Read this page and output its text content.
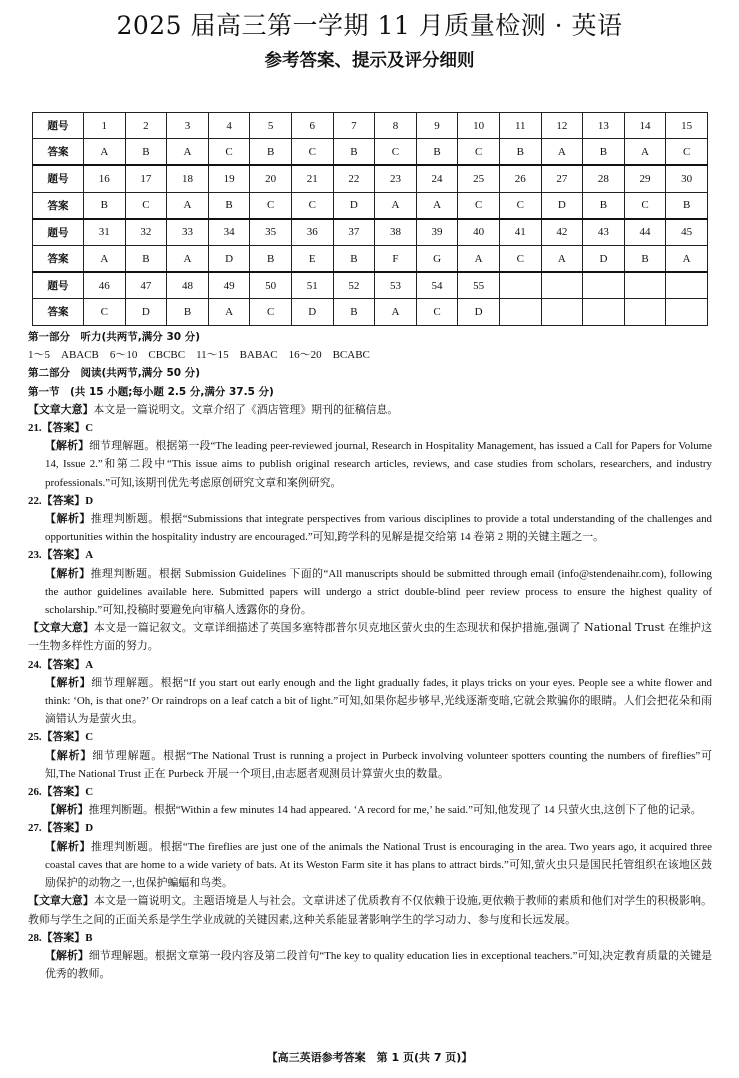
2025 届高三第一学期 11 月质量检测 · 英语
参考答案、提示及评分细则
题号	1	2	3	4	5	6	7	8	9	10	11	12	13	14	15
答案	A	B	A	C	B	C	B	C	B	C	B	A	B	A	C
题号	16	17	18	19	20	21	22	23	24	25	26	27	28	29	30
答案	B	C	A	B	C	C	D	A	A	C	C	D	B	C	B
题号	31	32	33	34	35	36	37	38	39	40	41	42	43	44	45
答案	A	B	A	D	B	E	B	F	G	A	C	A	D	B	A
题号	46	47	48	49	50	51	52	53	54	55					
答案	C	D	B	A	C	D	B	A	C	D					

第一部分　听力(共两节,满分 30 分)

1～5　ABACB　6～10　CBCBC　11～15　BABAC　16～20　BCABC

第二部分　阅读(共两节,满分 50 分)

第一节　(共 15 小题;每小题 2.5 分,满分 37.5 分)

【文章大意】本文是一篇说明文。文章介绍了《酒店管理》期刊的征稿信息。

21.【答案】C

【解析】细节理解题。根据第一段“The leading peer-reviewed journal, Research in Hospitality Management, has issued a Call for Papers for Volume 14, Issue 2.”和第二段中“This issue aims to publish original research articles, reviews, and case studies from scholars, researchers, and industry professionals.”可知,该期刊优先考虑原创研究文章和案例研究。

22.【答案】D

【解析】推理判断题。根据“Submissions that integrate perspectives from various disciplines to provide a total understanding of the challenges and opportunities within the hospitality industry are encouraged.”可知,跨学科的见解是提交给第 14 卷第 2 期的关键主题之一。

23.【答案】A

【解析】推理判断题。根据 Submission Guidelines 下面的“All manuscripts should be submitted through email (info@stendenaihr.com), following the author guidelines available here. Submitted papers will undergo a strict double-blind peer review process to ensure the highest quality of scholarship.”可知,投稿时要避免向审稿人透露你的身份。

【文章大意】本文是一篇记叙文。文章详细描述了英国多塞特郡普尔贝克地区萤火虫的生态现状和保护措施,强调了 National Trust 在维护这一生物多样性方面的努力。

24.【答案】A

【解析】细节理解题。根据“If you start out early enough and the light gradually fades, it plays tricks on your eyes. People see a white flower and think: ‘Oh, is that one?’ Or raindrops on a leaf catch a bit of light.”可知,如果你起步够早,光线逐渐变暗,它就会欺骗你的眼睛。人们会把花朵和雨滴错认为是萤火虫。

25.【答案】C

【解析】细节理解题。根据“The National Trust is running a project in Purbeck involving volunteer spotters counting the numbers of fireflies”可知,The National Trust 正在 Purbeck 开展一个项目,由志愿者观测员计算萤火虫的数量。

26.【答案】C

【解析】推理判断题。根据“Within a few minutes 14 had appeared. ‘A record for me,’ he said.”可知,他发现了 14 只萤火虫,这创下了他的记录。

27.【答案】D

【解析】推理判断题。根据“The fireflies are just one of the animals the National Trust is encouraging in the area. Two years ago, it acquired three coastal caves that are home to a wide variety of bats. At its Weston Farm site it has plans to attract birds.”可知,萤火虫只是国民托管组织在该地区鼓励保护的动物之一,也保护蝙蝠和鸟类。

【文章大意】本文是一篇说明文。主题语境是人与社会。文章讲述了优质教育不仅依赖于设施,更依赖于教师的素质和他们对学生的积极影响。教师与学生之间的正面关系是学生学业成就的关键因素,这种关系能显著影响学生的学习动力、参与度和长远发展。

28.【答案】B

【解析】细节理解题。根据文章第一段内容及第二段首句“The key to quality education lies in exceptional teachers.”可知,决定教育质量的关键是优秀的教师。

【高三英语参考答案　第 1 页(共 7 页)】
